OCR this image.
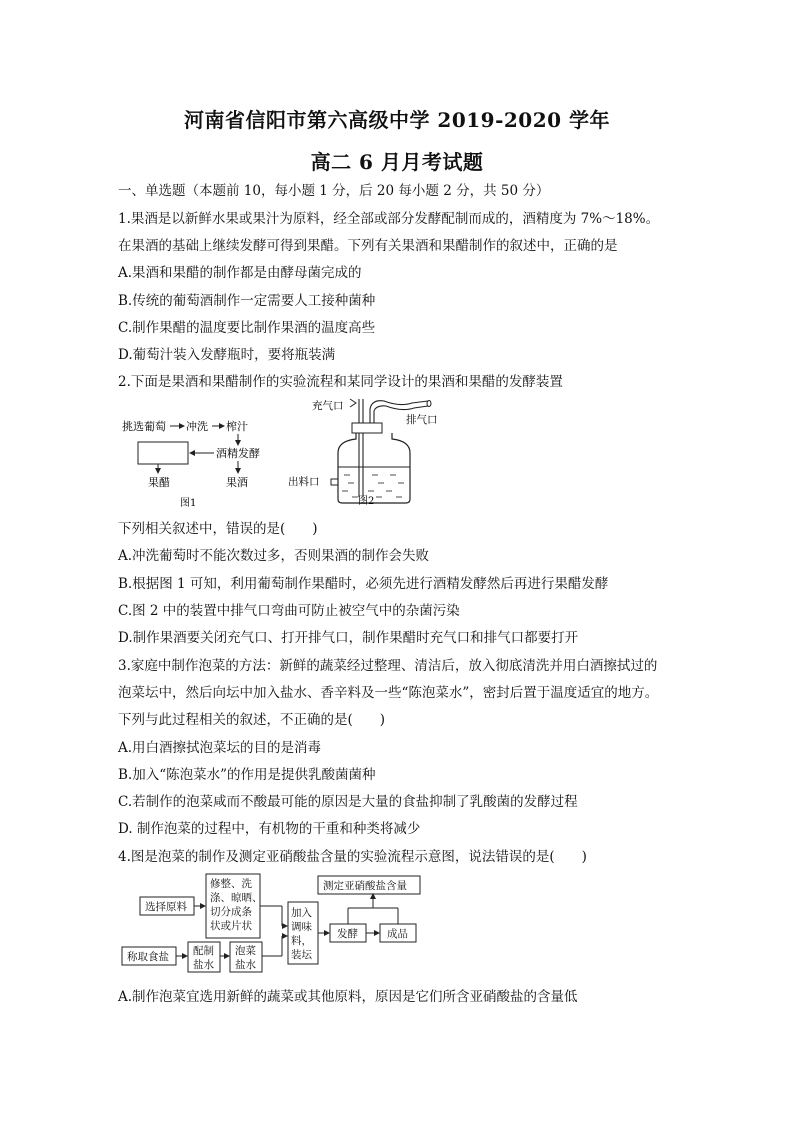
河南省信阳市第六高级中学 2019-2020 学年
高二 6 月月考试题
一、单选题（本题前 10，每小题 1 分，后 20 每小题 2 分，共 50 分）
1.果酒是以新鲜水果或果汁为原料，经全部或部分发酵配制而成的，酒精度为 7%～18%。
在果酒的基础上继续发酵可得到果醋。下列有关果酒和果醋制作的叙述中，正确的是
A.果酒和果醋的制作都是由酵母菌完成的
B.传统的葡萄酒制作一定需要人工接种菌种
C.制作果醋的温度要比制作果酒的温度高些
D.葡萄汁装入发酵瓶时，要将瓶装满
2.下面是果酒和果醋制作的实验流程和某同学设计的果酒和果醋的发酵装置
挑选葡萄 冲洗 榨汁
酒精发酵
果醋	果酒
图1
充气口
排气口
出料口
图2
下列相关叙述中，错误的是(　　)
A.冲洗葡萄时不能次数过多，否则果酒的制作会失败
B.根据图 1 可知，利用葡萄制作果醋时，必须先进行酒精发酵然后再进行果醋发酵
C.图 2 中的装置中排气口弯曲可防止被空气中的杂菌污染
D.制作果酒要关闭充气口、打开排气口，制作果醋时充气口和排气口都要打开
3.家庭中制作泡菜的方法：新鲜的蔬菜经过整理、清洁后，放入彻底清洗并用白酒擦拭过的
泡菜坛中，然后向坛中加入盐水、香辛料及一些“陈泡菜水”，密封后置于温度适宜的地方。
下列与此过程相关的叙述，不正确的是(　　)
A.用白酒擦拭泡菜坛的目的是消毒
B.加入“陈泡菜水”的作用是提供乳酸菌菌种
C.若制作的泡菜咸而不酸最可能的原因是大量的食盐抑制了乳酸菌的发酵过程
D. 制作泡菜的过程中，有机物的干重和种类将减少
4.图是泡菜的制作及测定亚硝酸盐含量的实验流程示意图，说法错误的是(　　)
选择原料
修整、洗
涤、晾晒、
切分成条
状或片状
称取食盐 配制
盐水
泡菜
盐水
加入
调味
料，
装坛
发酵	成品
测定亚硝酸盐含量
A.制作泡菜宜选用新鲜的蔬菜或其他原料，原因是它们所含亚硝酸盐的含量低
